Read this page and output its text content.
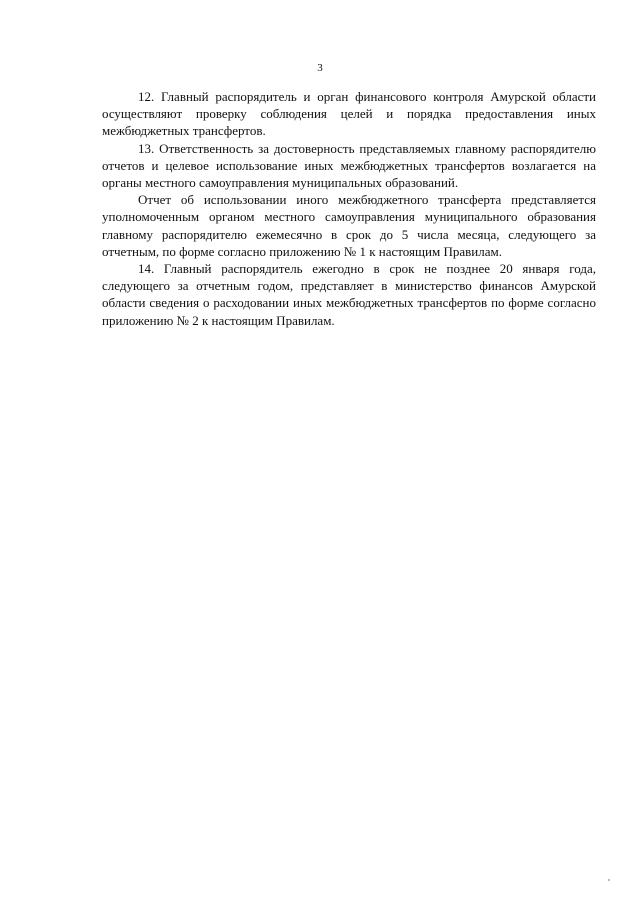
3

12. Главный распорядитель и орган финансового контроля Амурской области осуществляют проверку соблюдения целей и порядка предоставления иных межбюджетных трансфертов.

13. Ответственность за достоверность представляемых главному распорядителю отчетов и целевое использование иных межбюджетных трансфертов возлагается на органы местного самоуправления муниципальных образований.

Отчет об использовании иного межбюджетного трансферта представляется уполномоченным органом местного самоуправления муниципального образования главному распорядителю ежемесячно в срок до 5 числа месяца, следующего за отчетным, по форме согласно приложению № 1 к настоящим Правилам.

14. Главный распорядитель ежегодно в срок не позднее 20 января года, следующего за отчетным годом, представляет в министерство финансов Амурской области сведения о расходовании иных межбюджетных трансфертов по форме согласно приложению № 2 к настоящим Правилам.
